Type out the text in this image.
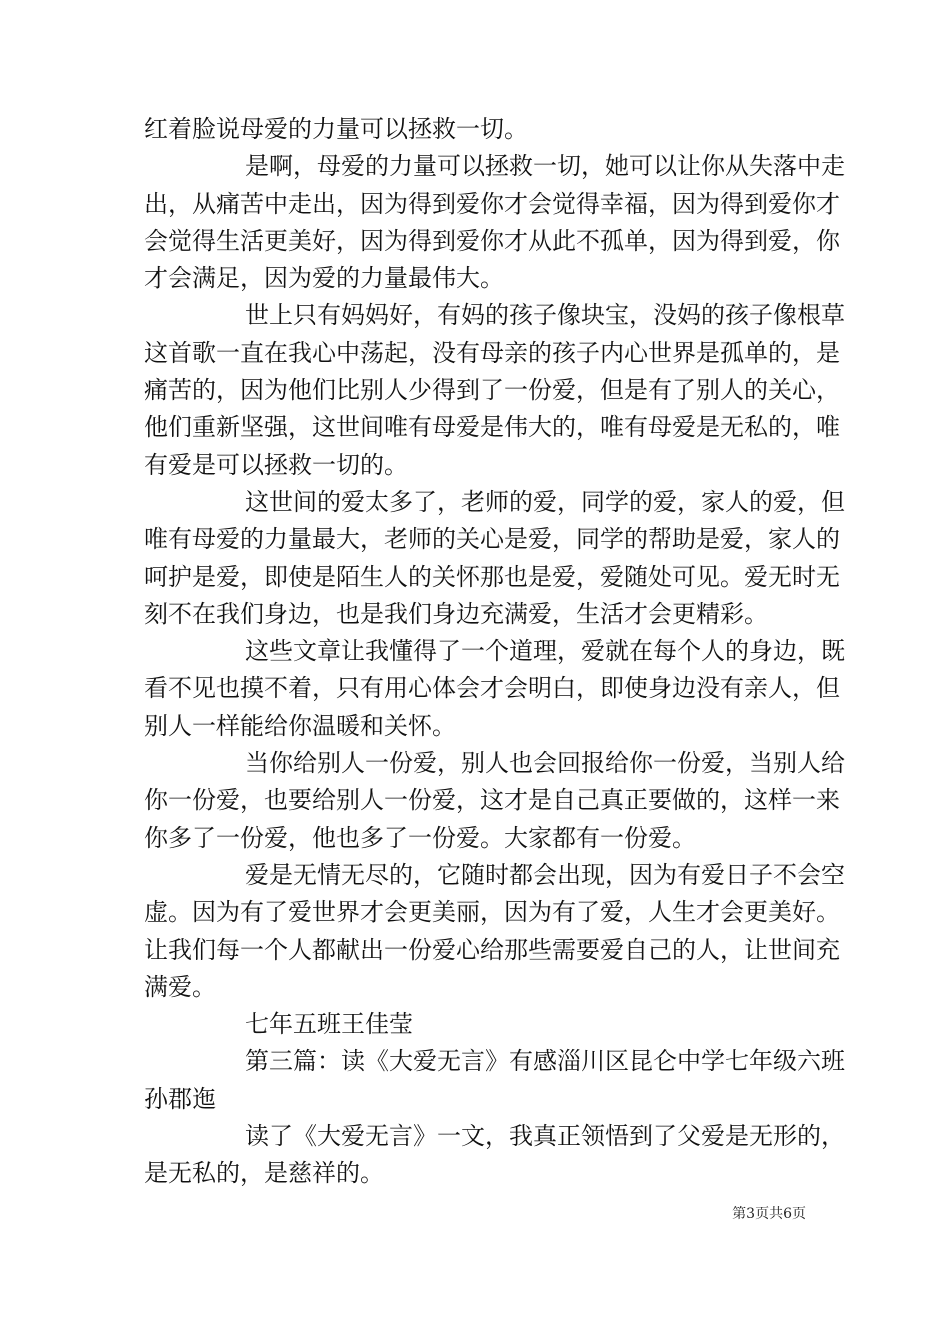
红着脸说母爱的力量可以拯救一切。
是啊，母爱的力量可以拯救一切，她可以让你从失落中走
出，从痛苦中走出，因为得到爱你才会觉得幸福，因为得到爱你才
会觉得生活更美好，因为得到爱你才从此不孤单，因为得到爱，你
才会满足，因为爱的力量最伟大。
世上只有妈妈好，有妈的孩子像块宝，没妈的孩子像根草
这首歌一直在我心中荡起，没有母亲的孩子内心世界是孤单的，是
痛苦的，因为他们比别人少得到了一份爱，但是有了别人的关心，
他们重新坚强，这世间唯有母爱是伟大的，唯有母爱是无私的，唯
有爱是可以拯救一切的。
这世间的爱太多了，老师的爱，同学的爱，家人的爱，但
唯有母爱的力量最大，老师的关心是爱，同学的帮助是爱，家人的
呵护是爱，即使是陌生人的关怀那也是爱，爱随处可见。爱无时无
刻不在我们身边，也是我们身边充满爱，生活才会更精彩。
这些文章让我懂得了一个道理，爱就在每个人的身边，既
看不见也摸不着，只有用心体会才会明白，即使身边没有亲人，但
别人一样能给你温暖和关怀。
当你给别人一份爱，别人也会回报给你一份爱，当别人给
你一份爱，也要给别人一份爱，这才是自己真正要做的，这样一来
你多了一份爱，他也多了一份爱。大家都有一份爱。
爱是无情无尽的，它随时都会出现，因为有爱日子不会空
虚。因为有了爱世界才会更美丽，因为有了爱，人生才会更美好。
让我们每一个人都献出一份爱心给那些需要爱自己的人，让世间充
满爱。
七年五班王佳莹
第三篇：读《大爱无言》有感淄川区昆仑中学七年级六班
孙郡迤
读了《大爱无言》一文，我真正领悟到了父爱是无形的，
是无私的，是慈祥的。
第3页共6页
